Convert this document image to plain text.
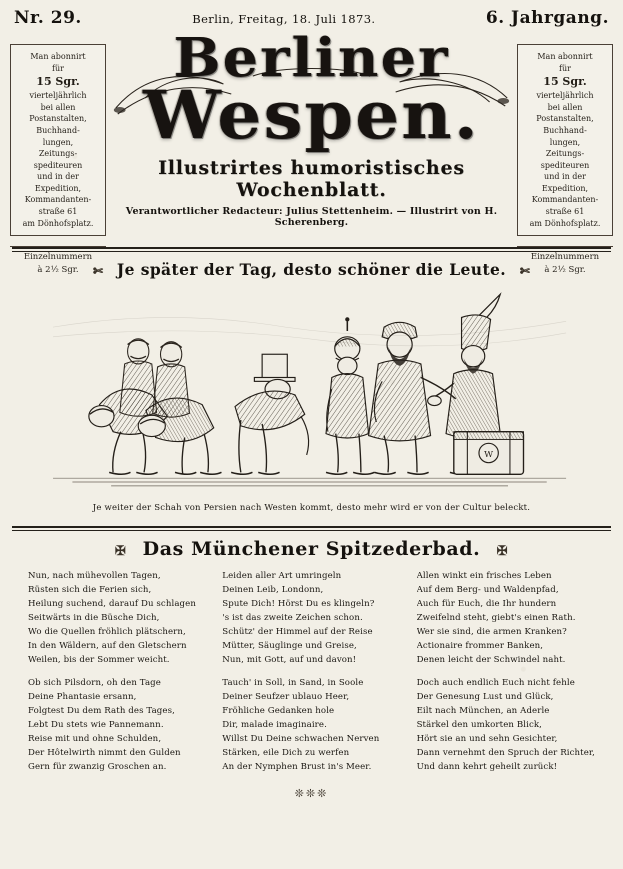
Nr. 29.	Berlin, Freitag, 18. Juli 1873.	6. Jahrgang.
Man abonnirt
für
15 Sgr.
vierteljährlich
bei allen
Postanstalten,
Buchhand-
lungen,
Zeitungs-
spediteuren
und in der
Expedition,
Kommandanten-
straße 61
am Dönhofsplatz.
Einzelnummern
à 2½ Sgr.
Berliner
Wespen.
Illustrirtes humoristisches Wochenblatt.
Verantwortlicher Redacteur: Julius Stettenheim. — Illustrirt von H. Scherenberg.
Man abonnirt
für
15 Sgr.
vierteljährlich
bei allen
Postanstalten,
Buchhand-
lungen,
Zeitungs-
spediteuren
und in der
Expedition,
Kommandanten-
straße 61
am Dönhofsplatz.
Einzelnummern
à 2½ Sgr.
✄ Je später der Tag, desto schöner die Leute. ✄
W
Je weiter der Schah von Persien nach Westen kommt, desto mehr wird er von der Cultur beleckt.
✠ Das Münchener Spitzederbad. ✠
Nun, nach mühevollen Tagen,
Rüsten sich die Ferien sich,
Heilung suchend, darauf Du schlagen
Seitwärts in die Büsche Dich,
Wo die Quellen fröhlich plätschern,
In den Wäldern, auf den Gletschern
Weilen, bis der Sommer weicht.
Ob sich Pilsdorn, oh den Tage
Deine Phantasie ersann,
Folgtest Du dem Rath des Tages,
Lebt Du stets wie Pannemann.
Reise mit und ohne Schulden,
Der Hôtelwirth nimmt den Gulden
Gern für zwanzig Groschen an.
Leiden aller Art umringeln
Deinen Leib, Londonn,
Spute Dich! Hörst Du es klingeln?
's ist das zweite Zeichen schon.
Schütz' der Himmel auf der Reise
Mütter, Säuglinge und Greise,
Nun, mit Gott, auf und davon!
Tauch' in Soll, in Sand, in Soole
Deiner Seufzer ublauo Heer,
Fröhliche Gedanken hole
Dir, malade imaginaire.
Willst Du Deine schwachen Nerven
Stärken, eile Dich zu werfen
An der Nymphen Brust in's Meer.
Allen winkt ein frisches Leben
Auf dem Berg- und Waldenpfad,
Auch für Euch, die Ihr hundern
Zweifelnd steht, giebt's einen Rath.
Wer sie sind, die armen Kranken?
Actionaire frommer Banken,
Denen leicht der Schwindel naht.
Doch auch endlich Euch nicht fehle
Der Genesung Lust und Glück,
Eilt nach München, an Aderle
Stärkel den umkorten Blick,
Hört sie an und sehn Gesichter,
Dann vernehmt den Spruch der Richter,
Und dann kehrt geheilt zurück!
❊❊❊
